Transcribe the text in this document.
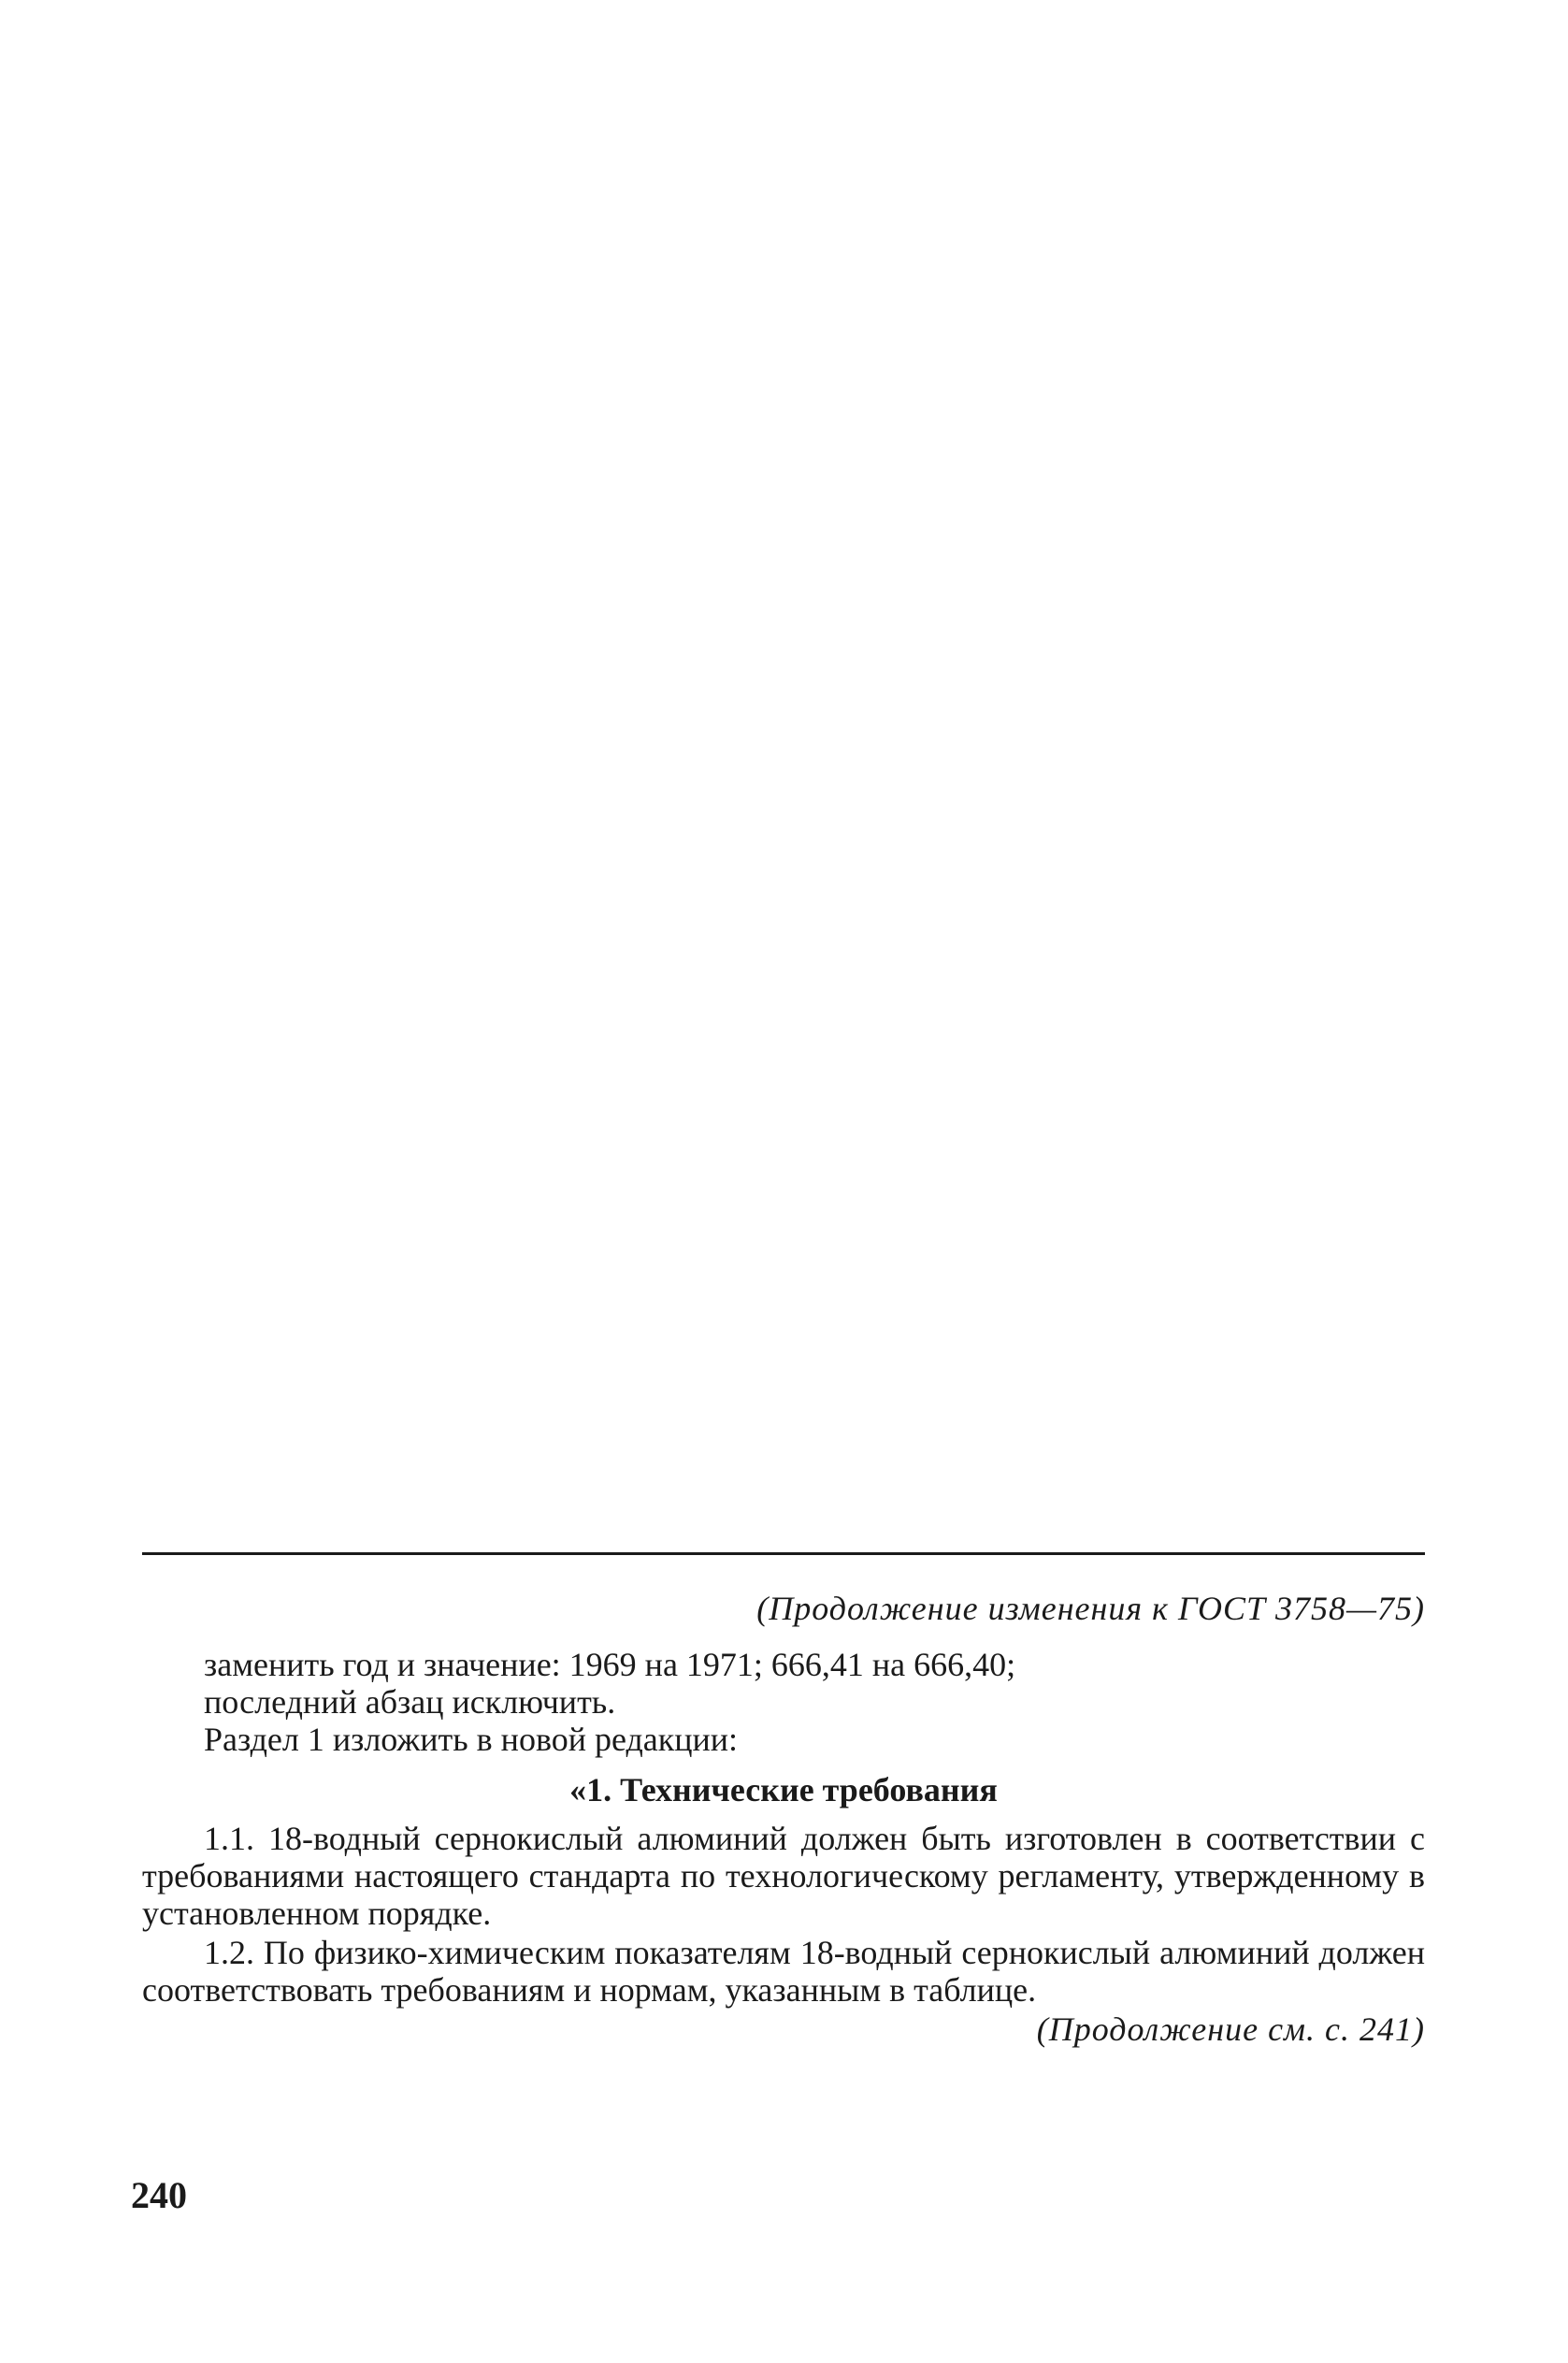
(Продолжение изменения к ГОСТ 3758—75)
заменить год и значение: 1969 на 1971; 666,41 на 666,40;
последний абзац исключить.
Раздел 1 изложить в новой редакции:
«1. Технические требования
1.1. 18-водный сернокислый алюминий должен быть изготовлен в соответствии с требованиями настоящего стандарта по технологическому регламенту, утвержденному в установленном порядке.
1.2. По физико-химическим показателям 18-водный сернокислый алюминий должен соответствовать требованиям и нормам, указанным в таблице.
(Продолжение см. с. 241)
240
